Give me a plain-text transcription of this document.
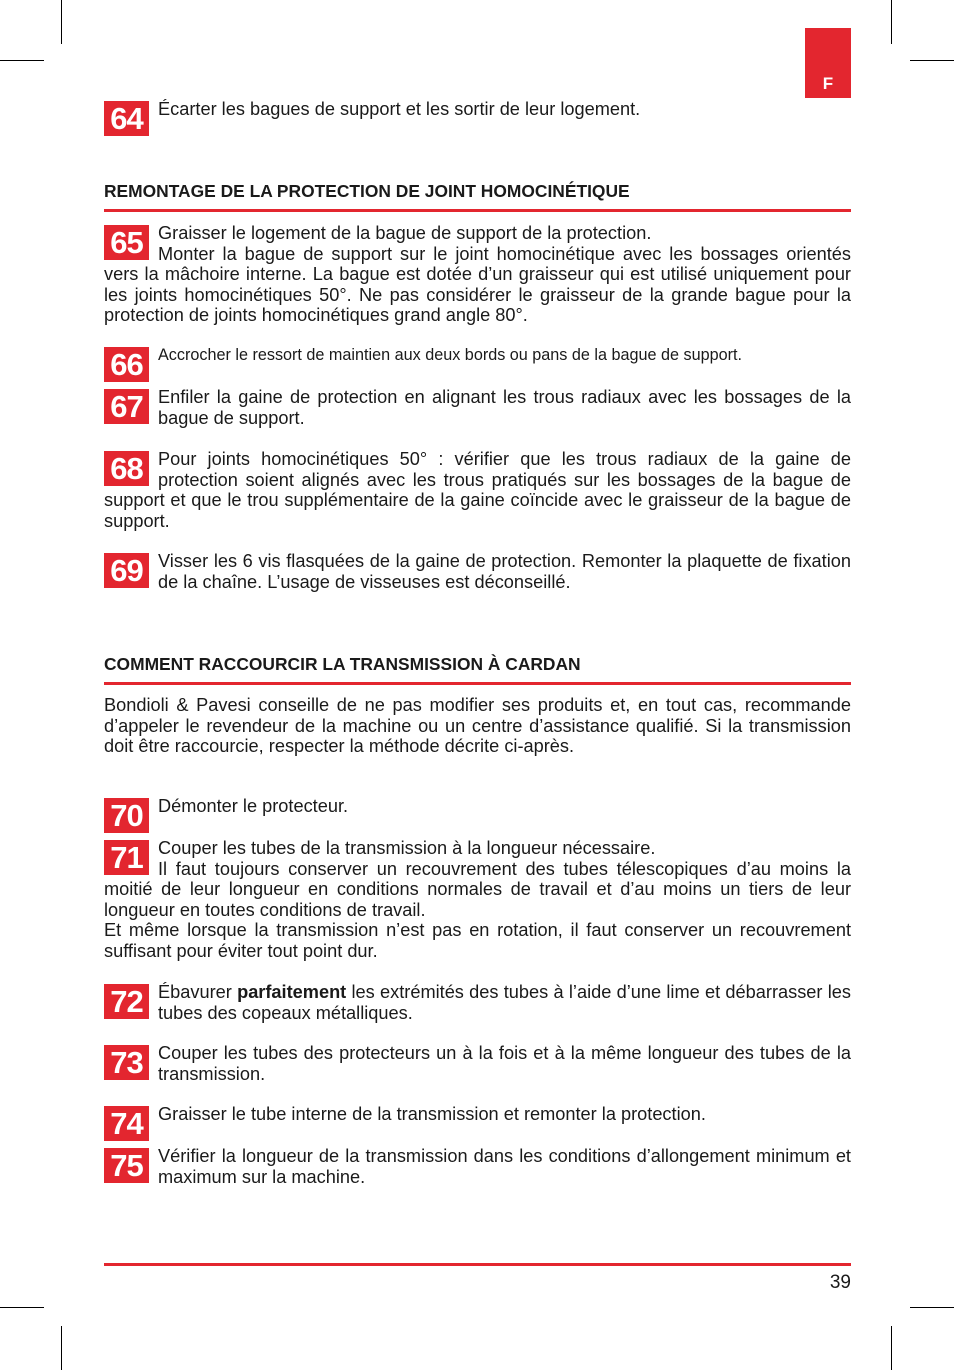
F
64 Écarter les bagues de support et les sortir de leur logement.

REMONTAGE DE LA PROTECTION DE JOINT HOMOCINÉTIQUE
65 Graisser le logement de la bague de support de la protection.

Monter la bague de support sur le joint homocinétique avec les bossages orientés vers la mâchoire interne. La bague est dotée d’un graisseur qui est utilisé uniquement pour les joints homocinétiques 50°. Ne pas considérer le graisseur de la grande bague pour la protection de joints homocinétiques grand angle 80°.

66 Accrocher le ressort de maintien aux deux bords ou pans de la bague de support.

67 Enfiler la gaine de protection en alignant les trous radiaux avec les bossages de la bague de support.

68 Pour joints homocinétiques 50° : vérifier que les trous radiaux de la gaine de protection soient alignés avec les trous pratiqués sur les bossages de la bague de support et que le trou supplémentaire de la gaine coïncide avec le graisseur de la bague de support.

69 Visser les 6 vis flasquées de la gaine de protection. Remonter la plaquette de fixation de la chaîne. L’usage de visseuses est déconseillé.

COMMENT RACCOURCIR LA TRANSMISSION À CARDAN

Bondioli & Pavesi conseille de ne pas modifier ses produits et, en tout cas, recommande d’appeler le revendeur de la machine ou un centre d’assistance qualifié. Si la transmission doit être raccourcie, respecter la méthode décrite ci-après.

70 Démonter le protecteur.

71 Couper les tubes de la transmission à la longueur nécessaire.

Il faut toujours conserver un recouvrement des tubes télescopiques d’au moins la moitié de leur longueur en conditions normales de travail et d’au moins un tiers de leur longueur en toutes conditions de travail.

Et même lorsque la transmission n’est pas en rotation, il faut conserver un recouvrement suffisant pour éviter tout point dur.

72 Ébavurer parfaitement les extrémités des tubes à l’aide d’une lime et débarrasser les tubes des copeaux métalliques.

73 Couper les tubes des protecteurs un à la fois et à la même longueur des tubes de la transmission.

74 Graisser le tube interne de la transmission et remonter la protection.

75 Vérifier la longueur de la transmission dans les conditions d’allongement minimum et maximum sur la machine.

39
